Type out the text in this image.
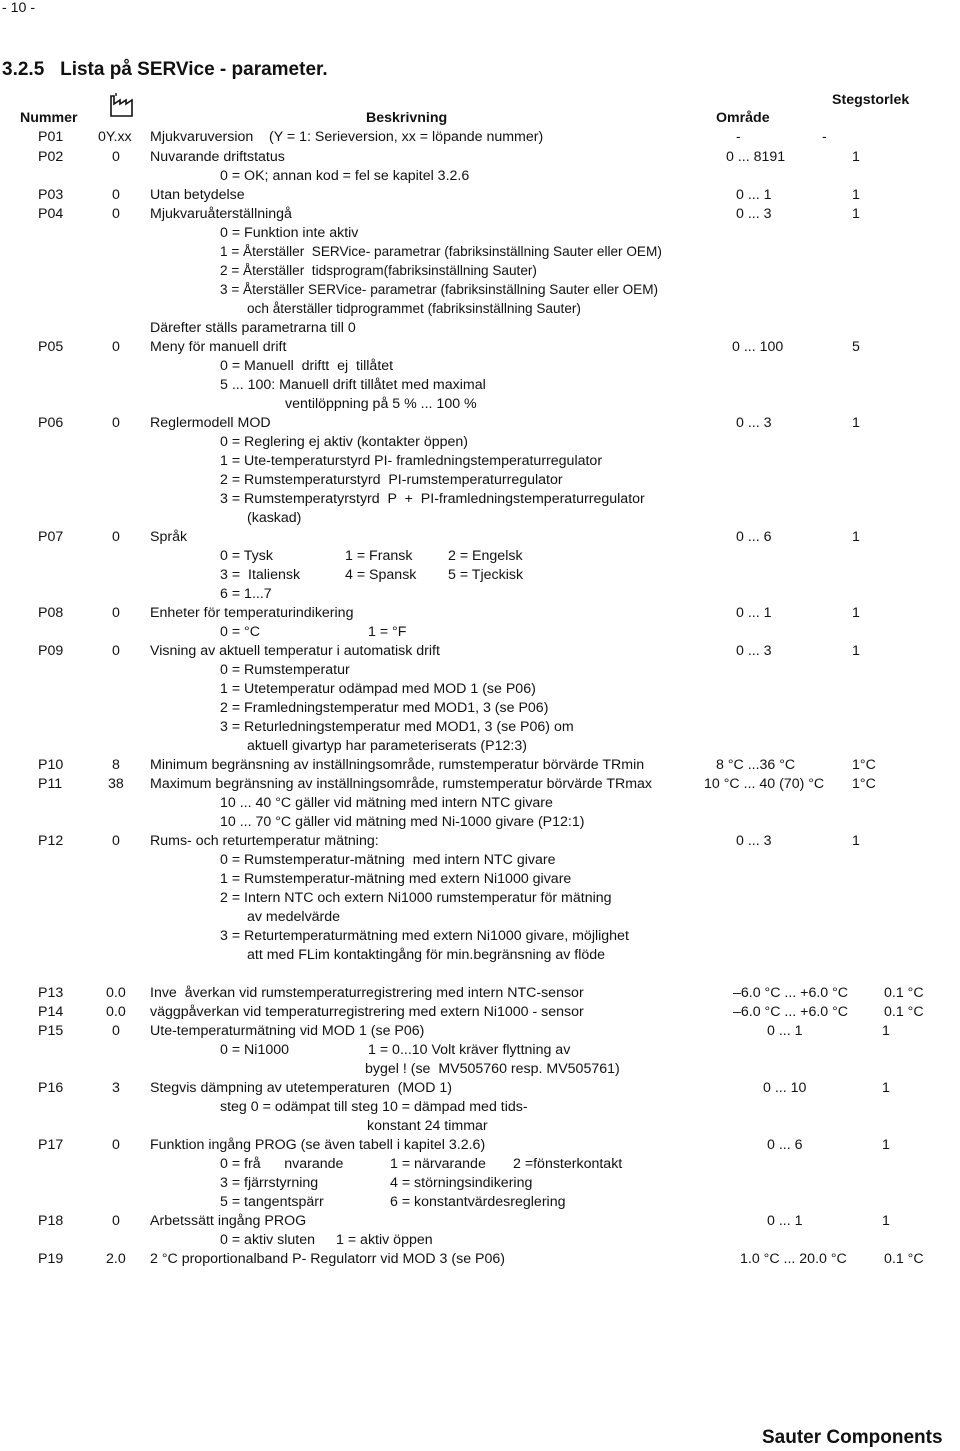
- 10 -
3.2.5   Lista på SERVice - parameter.
Stegstorlek
Nummer	Beskrivning	Område
P01 0Y.xx Mjukvaruversion    (Y = 1: Serieversion, xx = löpande nummer)	-	-
P02	0 Nuvarande driftstatus	0 ... 8191	1
0 = OK; annan kod = fel se kapitel 3.2.6
P03	0 Utan betydelse	0 ... 1	1
P04	0 Mjukvaruåterställningå	0 ... 3	1
0 = Funktion inte aktiv
1 = Återställer  SERVice- parametrar (fabriksinställning Sauter eller OEM)
2 = Återställer  tidsprogram(fabriksinställning Sauter)
3 = Återställer SERVice- parametrar (fabriksinställning Sauter eller OEM)
och återställer tidprogrammet (fabriksinställning Sauter)
Därefter ställs parametrarna till 0
P05	0 Meny för manuell drift	0 ... 100	5
0 = Manuell  driftt  ej  tillåtet
5 ... 100: Manuell drift tillåtet med maximal
ventilöppning på 5 % ... 100 %
P06	0 Reglermodell MOD	0 ... 3	1
0 = Reglering ej aktiv (kontakter öppen)
1 = Ute-temperaturstyrd PI- framledningstemperaturregulator
2 = Rumstemperaturstyrd  PI-rumstemperaturregulator
3 = Rumstemperatyrstyrd  P  +  PI-framledningstemperaturregulator
(kaskad)
P07	0 Språk	0 ... 6	1
0 = Tysk	1 = Fransk	2 = Engelsk
3 =  Italiensk	4 = Spansk 5 = Tjeckisk
6 = 1...7
P08	0 Enheter för temperaturindikering	0 ... 1	1
0 = °C	1 = °F
P09	0 Visning av aktuell temperatur i automatisk drift	0 ... 3	1
0 = Rumstemperatur
1 = Utetemperatur odämpad med MOD 1 (se P06)
2 = Framledningstemperatur med MOD1, 3 (se P06)
3 = Returledningstemperatur med MOD1, 3 (se P06) om
aktuell givartyp har parameteriserats (P12:3)
P10	8 Minimum begränsning av inställningsområde, rumstemperatur börvärde TRmin	8 °C ...36 °C	1°C
P11	38 Maximum begränsning av inställningsområde, rumstemperatur börvärde TRmax	10 °C ... 40 (70) °C 1°C
10 ... 40 °C gäller vid mätning med intern NTC givare
10 ... 70 °C gäller vid mätning med Ni-1000 givare (P12:1)
P12	0 Rums- och returtemperatur mätning:	0 ... 3	1
0 = Rumstemperatur-mätning  med intern NTC givare
1 = Rumstemperatur-mätning med extern Ni1000 givare
2 = Intern NTC och extern Ni1000 rumstemperatur för mätning
av medelvärde
3 = Returtemperaturmätning med extern Ni1000 givare, möjlighet
att med FLim kontaktingång för min.begränsning av flöde
P13	0.0 Inve  åverkan vid rumstemperaturregistrering med intern NTC-sensor	–6.0 °C ... +6.0 °C	0.1 °C
P14	0.0 väggpåverkan vid temperaturregistrering med extern Ni1000 - sensor	–6.0 °C ... +6.0 °C	0.1 °C
P15	0 Ute-temperaturmätning vid MOD 1 (se P06)	0 ... 1	1
0 = Ni1000	1 = 0...10 Volt kräver flyttning av
bygel ! (se  MV505760 resp. MV505761)
P16	3 Stegvis dämpning av utetemperaturen  (MOD 1)	0 ... 10	1
steg 0 = odämpat till steg 10 = dämpad med tids-
konstant 24 timmar
P17	0 Funktion ingång PROG (se även tabell i kapitel 3.2.6)	0 ... 6	1
0 = frå      nvarande	1 = närvarande 2 =fönsterkontakt
3 = fjärrstyrning	4 = störningsindikering
5 = tangentspärr	6 = konstantvärdesreglering
P18	0 Arbetssätt ingång PROG	0 ... 1	1
0 = aktiv sluten 1 = aktiv öppen
P19	2.0 2 °C proportionalband P- Regulatorr vid MOD 3 (se P06)	1.0 °C ... 20.0 °C	0.1 °C
Sauter Components
